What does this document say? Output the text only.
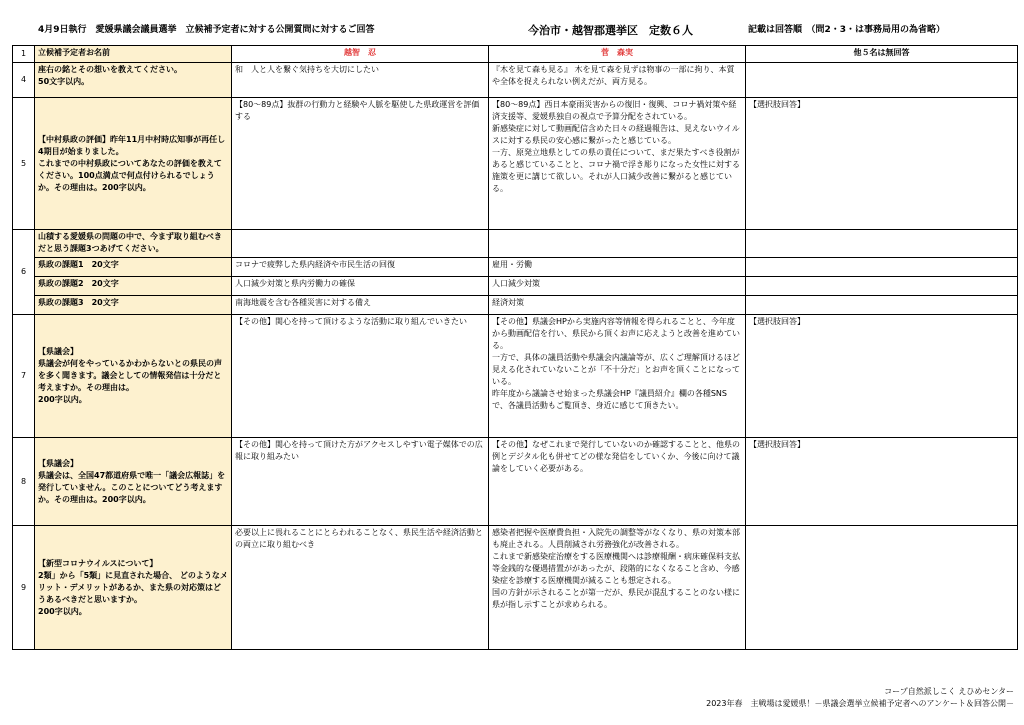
4月9日執行　愛媛県議会議員選挙　立候補予定者に対する公開質問に対するご回答	今治市・越智郡選挙区　定数６人	記載は回答順　（問2・3・は事務局用の為省略）
1	立候補予定者お名前	越智　忍	菅　森実	他５名は無回答
4	座右の銘とその想いを教えてください。
50文字以内。	和　人と人を繋ぐ気持ちを大切にしたい	『木を見て森も見る』 木を見て森を見ずは物事の一部に拘り、本質や全体を捉えられない例えだが、両方見る。	
5	【中村県政の評価】昨年11月中村時広知事が再任し4期目が始まりました。
これまでの中村県政についてあなたの評価を教えてください。100点満点で何点付けられるでしょうか。その理由は。200字以内。	【80～89点】抜群の行動力と経験や人脈を駆使した県政運営を評価する	【80～89点】西日本豪雨災害からの復旧・復興、コロナ禍対策や経済支援等、愛媛県独自の視点で予算分配をされている。
新感染症に対して動画配信含めた日々の経過報告は、見えないウイルスに対する県民の安心感に繋がったと感じている。
一方、原発立地県としての県の責任について、まだ果たすべき役割があると感じていることと、コロナ禍で浮き彫りになった女性に対する施策を更に講じて欲しい。それが人口減少改善に繋がると感じている。	【選択肢回答】
6	山積する愛媛県の問題の中で、今まず取り組むべきだと思う課題3つあげてください。			
	県政の課題1　20文字	コロナで疲弊した県内経済や市民生活の回復	雇用・労働	
	県政の課題2　20文字	人口減少対策と県内労働力の確保	人口減少対策	
	県政の課題3　20文字	南海地震を含む各種災害に対する備え	経済対策	
7	【県議会】
県議会が何をやっているかわからないとの県民の声を多く聞きます。議会としての情報発信は十分だと考えますか。その理由は。
200字以内。	【その他】関心を持って頂けるような活動に取り組んでいきたい	【その他】県議会HPから実施内容等情報を得られることと、今年度から動画配信を行い、県民から頂くお声に応えようと改善を進めている。
一方で、具体の議員活動や県議会内議論等が、広くご理解頂けるほど見える化されていないことが「不十分だ」とお声を頂くことになっている。
昨年度から議論させ始まった県議会HP『議員紹介』欄の各種SNSで、各議員活動もご覧頂き、身近に感じて頂きたい。	【選択肢回答】
8	【県議会】
県議会は、全国47都道府県で唯一「議会広報誌」を発行していません。このことについてどう考えますか。その理由は。200字以内。	【その他】関心を持って頂けた方がアクセスしやすい電子媒体での広報に取り組みたい	【その他】なぜこれまで発行していないのか確認することと、他県の例とデジタル化も併せてどの様な発信をしていくか、今後に向けて議論をしていく必要がある。	【選択肢回答】
9	【新型コロナウイルスについて】
2類」から「5類」に見直された場合、 どのようなメリット・デメリットがあるか、また県の対応策はどうあるべきだと思いますか。
200字以内。	必要以上に畏れることにとらわれることなく、県民生活や経済活動との両立に取り組むべき	感染者把握や医療費負担・入院先の調整等がなくなり、県の対策本部も廃止される。人員削減され労務強化が改善される。
これまで新感染症治療をする医療機関へは診療報酬・病床確保料支払等金銭的な優遇措置ががあったが、段階的になくなること含め、今感染症を診療する医療機関が減ることも想定される。
国の方針が示されることが第一だが、県民が混乱することのない様に県が指し示すことが求められる。	
コープ自然派しこく えひめセンター
2023年春　主戦場は愛媛県！－県議会選挙立候補予定者へのアンケート＆回答公開－
